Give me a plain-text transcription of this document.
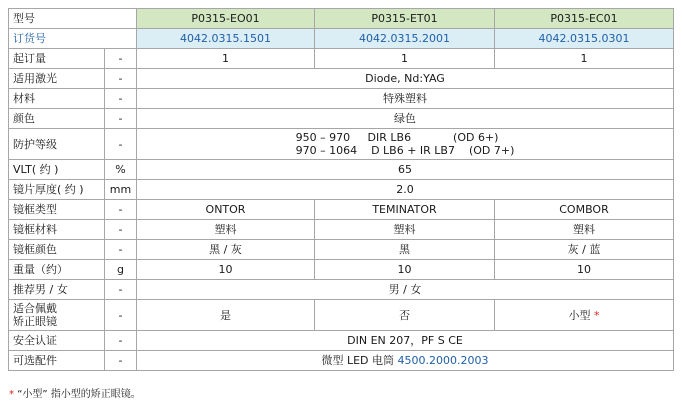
型号		P0315-EO01	P0315-ET01	P0315-EC01
订货号		4042.0315.1501	4042.0315.2001	4042.0315.0301
起订量	-	1	1	1
适用激光	-	Diode, Nd:YAG		
材料	-	特殊塑料		
颜色	-	绿色		
防护等级	-	950 – 970     DIR LB6            (OD 6+)
970 – 1064    D LB6 + IR LB7    (OD 7+)		

VLT( 约 )	%	65		
镜片厚度( 约 )	mm	2.0		
镜框类型	-	ONTOR	TEMINATOR	COMBOR
镜框材料	-	塑料	塑料	塑料
镜框颜色	-	黑 / 灰	黑	灰 / 蓝
重量（约）	g	10	10	10
推荐男 / 女	-	男 / 女		
适合佩戴
矫正眼镜	-	是	否	小型 *
安全认证	-	DIN EN 207，PF S CE		
可选配件	-	微型 LED 电筒 4500.2000.2003		
* “小型” 指小型的矫正眼镜。
